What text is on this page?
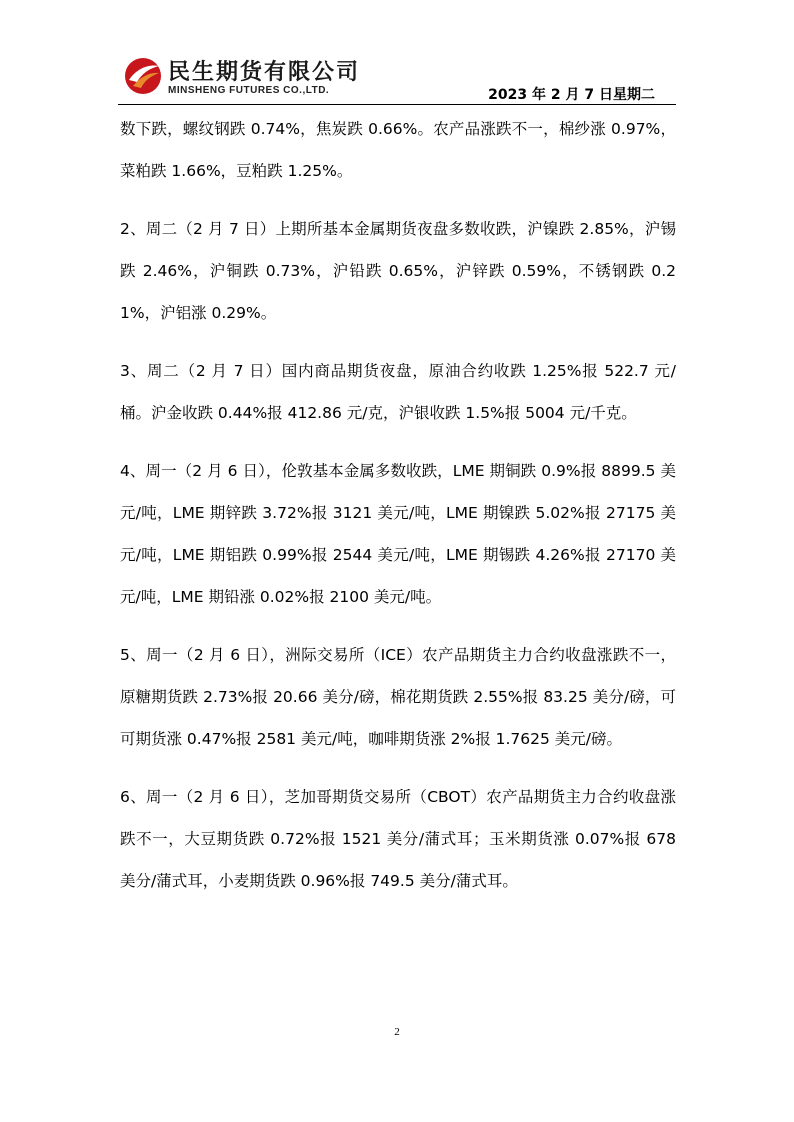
民生期货有限公司
MINSHENG FUTURES CO.,LTD.	2023 年 2 月 7 日星期二

数下跌，螺纹钢跌 0.74%，焦炭跌 0.66%。农产品涨跌不一，棉纱涨 0.97%，菜粕跌 1.66%，豆粕跌 1.25%。

2、周二（2 月 7 日）上期所基本金属期货夜盘多数收跌，沪镍跌 2.85%，沪锡跌 2.46%，沪铜跌 0.73%，沪铅跌 0.65%，沪锌跌 0.59%，不锈钢跌 0.21%，沪铝涨 0.29%。

3、周二（2 月 7 日）国内商品期货夜盘，原油合约收跌 1.25%报 522.7 元/桶。沪金收跌 0.44%报 412.86 元/克，沪银收跌 1.5%报 5004 元/千克。

4、周一（2 月 6 日），伦敦基本金属多数收跌，LME 期铜跌 0.9%报 8899.5 美元/吨，LME 期锌跌 3.72%报 3121 美元/吨，LME 期镍跌 5.02%报 27175 美元/吨，LME 期铝跌 0.99%报 2544 美元/吨，LME 期锡跌 4.26%报 27170 美元/吨，LME 期铅涨 0.02%报 2100 美元/吨。

5、周一（2 月 6 日），洲际交易所（ICE）农产品期货主力合约收盘涨跌不一，原糖期货跌 2.73%报 20.66 美分/磅，棉花期货跌 2.55%报 83.25 美分/磅，可可期货涨 0.47%报 2581 美元/吨，咖啡期货涨 2%报 1.7625 美元/磅。

6、周一（2 月 6 日），芝加哥期货交易所（CBOT）农产品期货主力合约收盘涨跌不一，大豆期货跌 0.72%报 1521 美分/蒲式耳；玉米期货涨 0.07%报 678 美分/蒲式耳，小麦期货跌 0.96%报 749.5 美分/蒲式耳。

2
